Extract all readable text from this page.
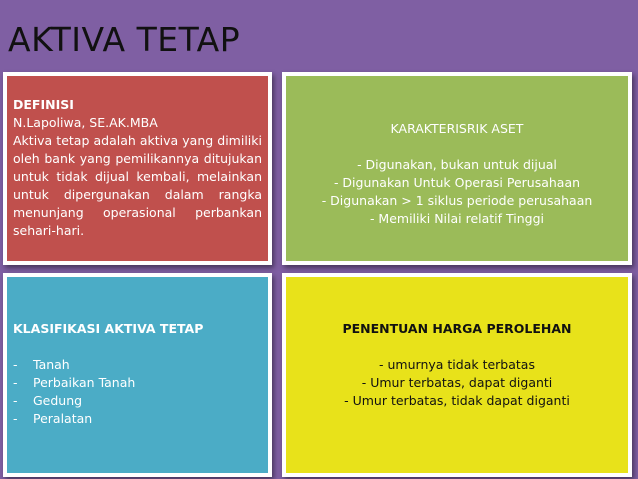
AKTIVA TETAP
DEFINISI
N.Lapoliwa, SE.AK.MBA
Aktiva tetap adalah aktiva yang dimiliki oleh bank yang pemilikannya ditujukan untuk tidak dijual kembali, melainkan untuk dipergunakan dalam rangka menunjang operasional perbankan sehari-hari.
KARAKTERISRIK ASET
- Digunakan, bukan untuk dijual
- Digunakan Untuk Operasi Perusahaan
- Digunakan > 1 siklus periode perusahaan
- Memiliki Nilai relatif Tinggi
KLASIFIKASI AKTIVA TETAP
- Tanah
- Perbaikan Tanah
- Gedung
- Peralatan
PENENTUAN HARGA PEROLEHAN
- umurnya tidak terbatas
- Umur terbatas, dapat diganti
- Umur terbatas, tidak dapat diganti
